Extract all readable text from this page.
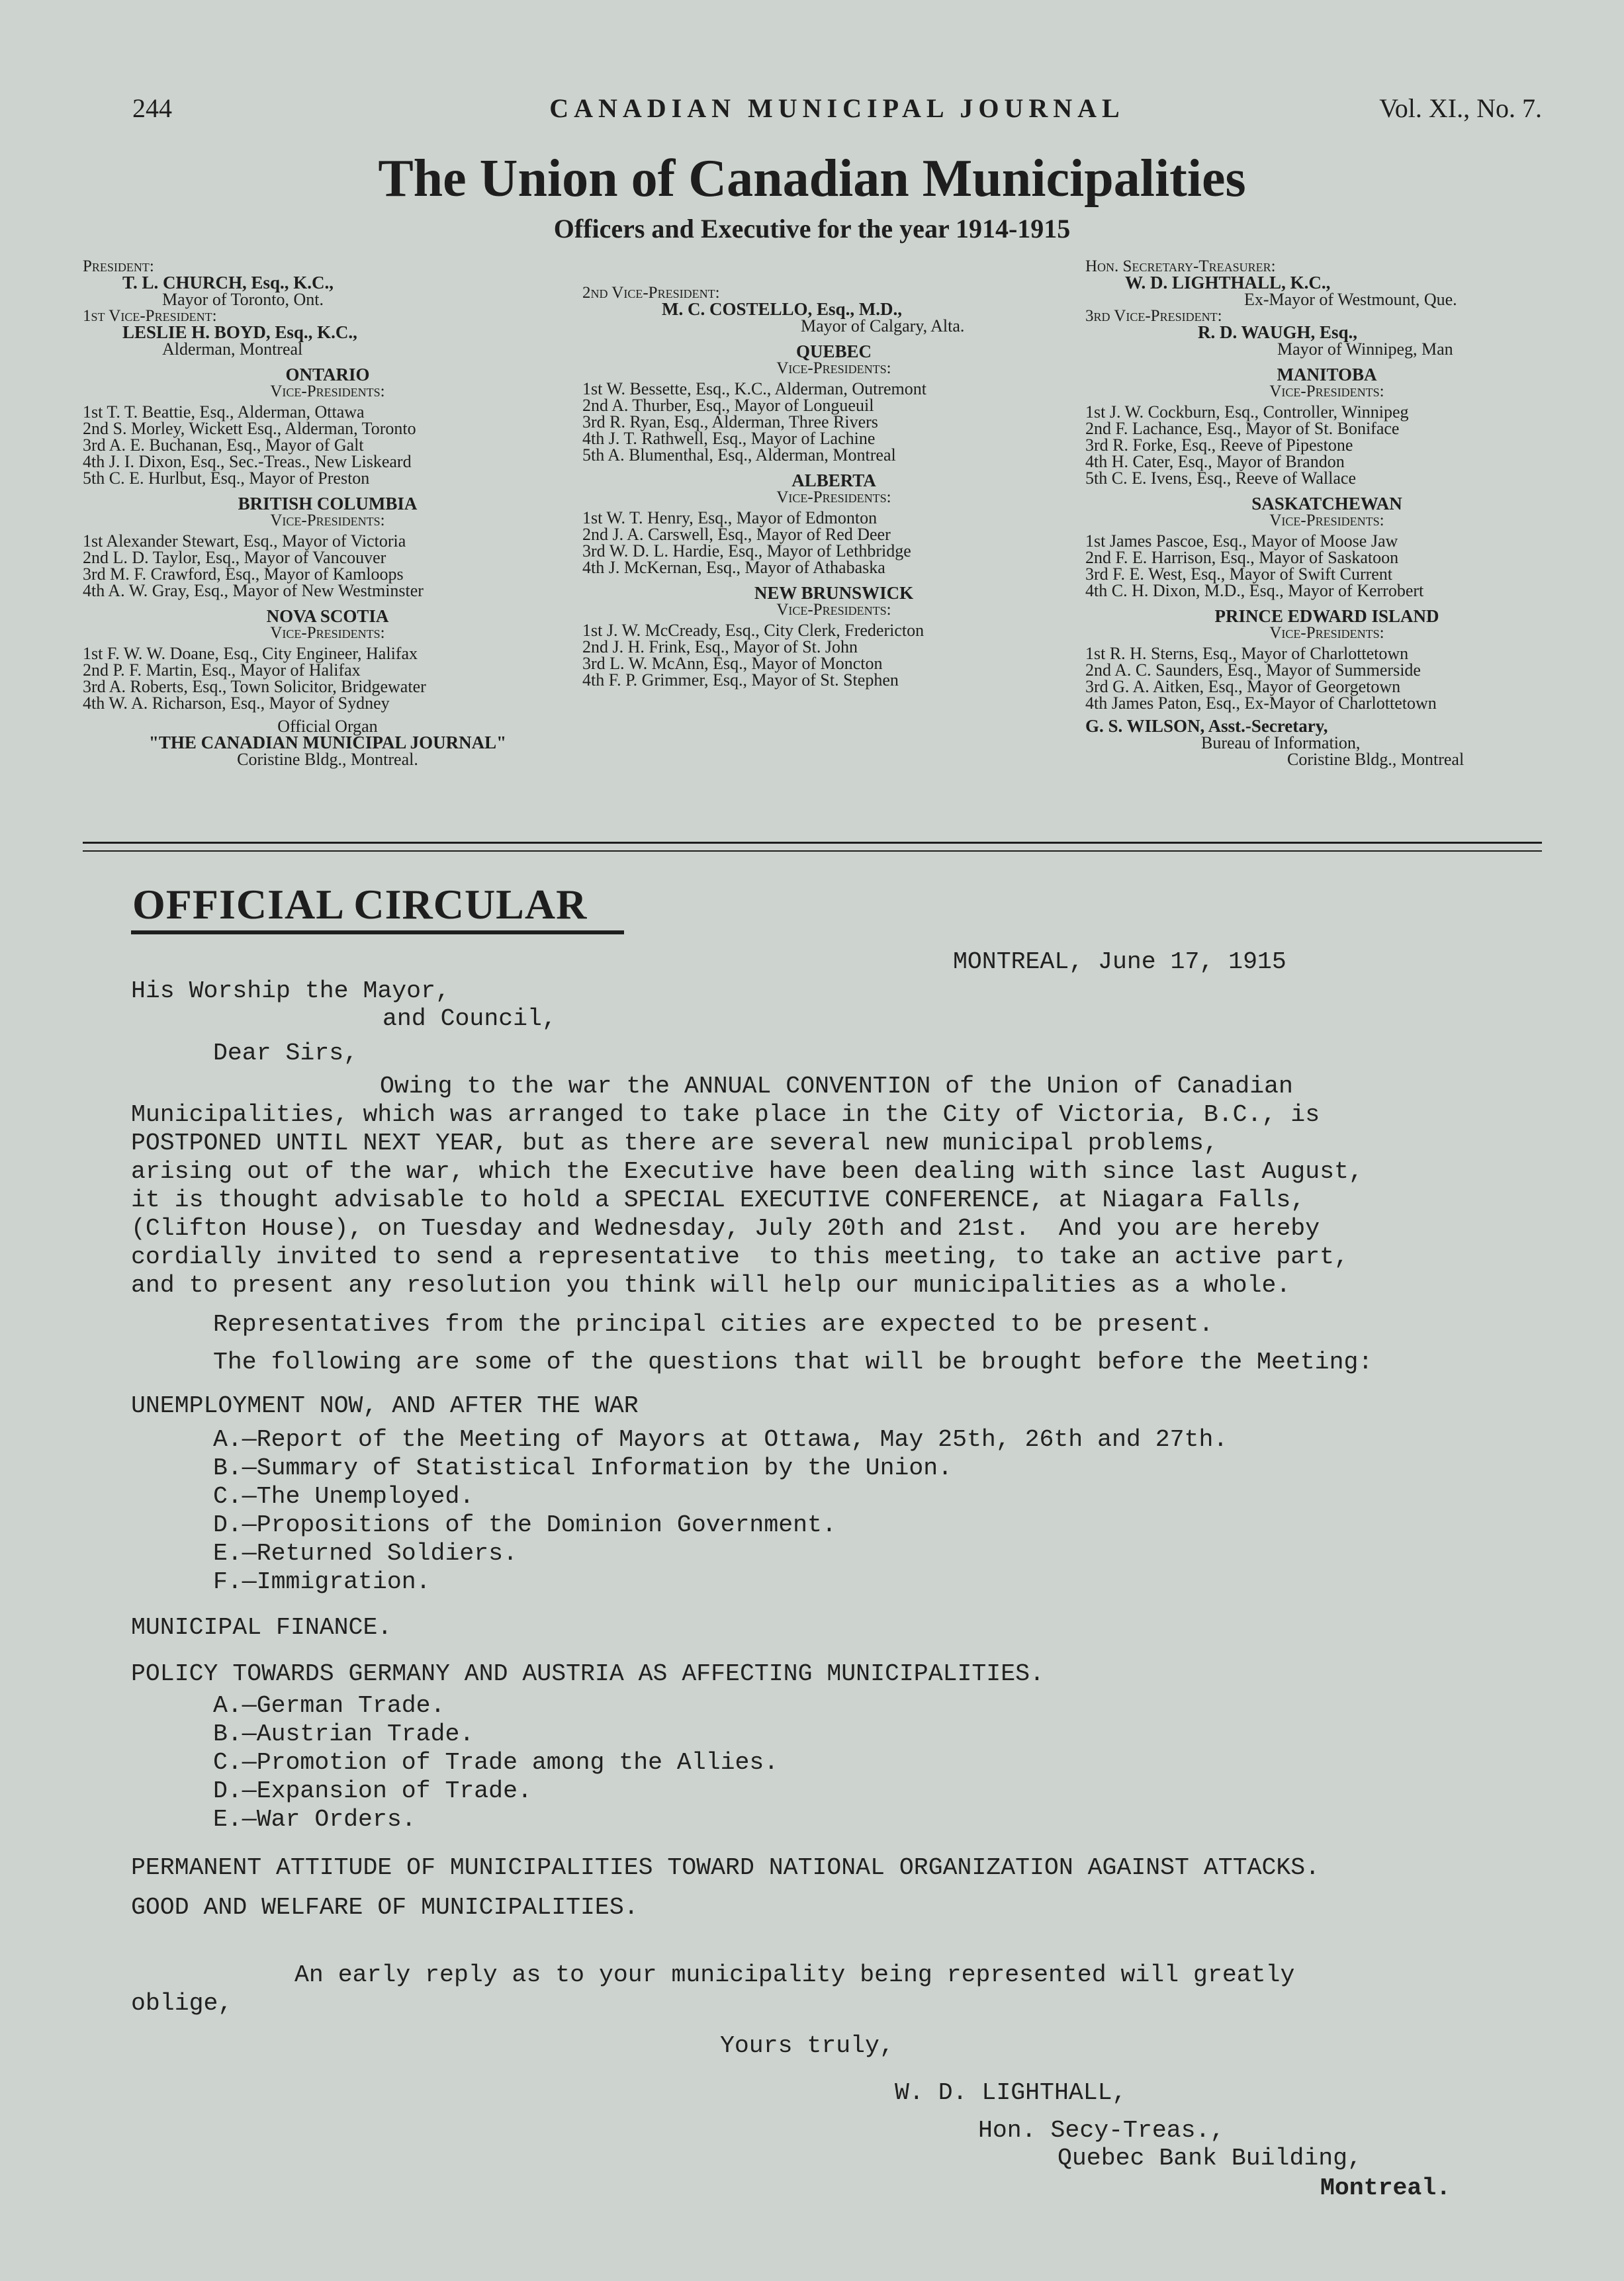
244	CANADIAN MUNICIPAL JOURNAL	Vol. XI., No. 7.
The Union of Canadian Municipalities
Officers and Executive for the year 1914-1915
President:
T. L. CHURCH, Esq., K.C.,
Mayor of Toronto, Ont.
1st Vice-President:
LESLIE H. BOYD, Esq., K.C.,
Alderman, Montreal
ONTARIO
Vice-Presidents:
1st T. T. Beattie, Esq., Alderman, Ottawa
2nd S. Morley, Wickett Esq., Alderman, Toronto
3rd A. E. Buchanan, Esq., Mayor of Galt
4th J. I. Dixon, Esq., Sec.-Treas., New Liskeard
5th C. E. Hurlbut, Esq., Mayor of Preston
BRITISH COLUMBIA
Vice-Presidents:
1st Alexander Stewart, Esq., Mayor of Victoria
2nd L. D. Taylor, Esq., Mayor of Vancouver
3rd M. F. Crawford, Esq., Mayor of Kamloops
4th A. W. Gray, Esq., Mayor of New Westminster
NOVA SCOTIA
Vice-Presidents:
1st F. W. W. Doane, Esq., City Engineer, Halifax
2nd P. F. Martin, Esq., Mayor of Halifax
3rd A. Roberts, Esq., Town Solicitor, Bridgewater
4th W. A. Richarson, Esq., Mayor of Sydney
Official Organ
"THE CANADIAN MUNICIPAL JOURNAL"
Coristine Bldg., Montreal.
2nd Vice-President:
M. C. COSTELLO, Esq., M.D.,
Mayor of Calgary, Alta.
QUEBEC
Vice-Presidents:
1st W. Bessette, Esq., K.C., Alderman, Outremont
2nd A. Thurber, Esq., Mayor of Longueuil
3rd R. Ryan, Esq., Alderman, Three Rivers
4th J. T. Rathwell, Esq., Mayor of Lachine
5th A. Blumenthal, Esq., Alderman, Montreal
ALBERTA
Vice-Presidents:
1st W. T. Henry, Esq., Mayor of Edmonton
2nd J. A. Carswell, Esq., Mayor of Red Deer
3rd W. D. L. Hardie, Esq., Mayor of Lethbridge
4th J. McKernan, Esq., Mayor of Athabaska
NEW BRUNSWICK
Vice-Presidents:
1st J. W. McCready, Esq., City Clerk, Fredericton
2nd J. H. Frink, Esq., Mayor of St. John
3rd L. W. McAnn, Esq., Mayor of Moncton
4th F. P. Grimmer, Esq., Mayor of St. Stephen
Hon. Secretary-Treasurer:
W. D. LIGHTHALL, K.C.,
Ex-Mayor of Westmount, Que.
3rd Vice-President:
R. D. WAUGH, Esq.,
Mayor of Winnipeg, Man
MANITOBA
Vice-Presidents:
1st J. W. Cockburn, Esq., Controller, Winnipeg
2nd F. Lachance, Esq., Mayor of St. Boniface
3rd R. Forke, Esq., Reeve of Pipestone
4th H. Cater, Esq., Mayor of Brandon
5th C. E. Ivens, Esq., Reeve of Wallace
SASKATCHEWAN
Vice-Presidents:
1st James Pascoe, Esq., Mayor of Moose Jaw
2nd F. E. Harrison, Esq., Mayor of Saskatoon
3rd F. E. West, Esq., Mayor of Swift Current
4th C. H. Dixon, M.D., Esq., Mayor of Kerrobert
PRINCE EDWARD ISLAND
Vice-Presidents:
1st R. H. Sterns, Esq., Mayor of Charlottetown
2nd A. C. Saunders, Esq., Mayor of Summerside
3rd G. A. Aitken, Esq., Mayor of Georgetown
4th James Paton, Esq., Ex-Mayor of Charlottetown
G. S. WILSON, Asst.-Secretary,
Bureau of Information,
Coristine Bldg., Montreal
OFFICIAL CIRCULAR
MONTREAL, June 17, 1915
His Worship the Mayor,
and Council,
Dear Sirs,
Owing to the war the ANNUAL CONVENTION of the Union of Canadian
Municipalities, which was arranged to take place in the City of Victoria, B.C., is
POSTPONED UNTIL NEXT YEAR, but as there are several new municipal problems,
arising out of the war, which the Executive have been dealing with since last August,
it is thought advisable to hold a SPECIAL EXECUTIVE CONFERENCE, at Niagara Falls,
(Clifton House), on Tuesday and Wednesday, July 20th and 21st.  And you are hereby
cordially invited to send a representative  to this meeting, to take an active part,
and to present any resolution you think will help our municipalities as a whole.
Representatives from the principal cities are expected to be present.
The following are some of the questions that will be brought before the Meeting:
UNEMPLOYMENT NOW, AND AFTER THE WAR
A.—Report of the Meeting of Mayors at Ottawa, May 25th, 26th and 27th.
B.—Summary of Statistical Information by the Union.
C.—The Unemployed.
D.—Propositions of the Dominion Government.
E.—Returned Soldiers.
F.—Immigration.
MUNICIPAL FINANCE.
POLICY TOWARDS GERMANY AND AUSTRIA AS AFFECTING MUNICIPALITIES.
A.—German Trade.
B.—Austrian Trade.
C.—Promotion of Trade among the Allies.
D.—Expansion of Trade.
E.—War Orders.
PERMANENT ATTITUDE OF MUNICIPALITIES TOWARD NATIONAL ORGANIZATION AGAINST ATTACKS.
GOOD AND WELFARE OF MUNICIPALITIES.
An early reply as to your municipality being represented will greatly
oblige,
Yours truly,
W. D. LIGHTHALL,
Hon. Secy-Treas.,
Quebec Bank Building,
Montreal.
